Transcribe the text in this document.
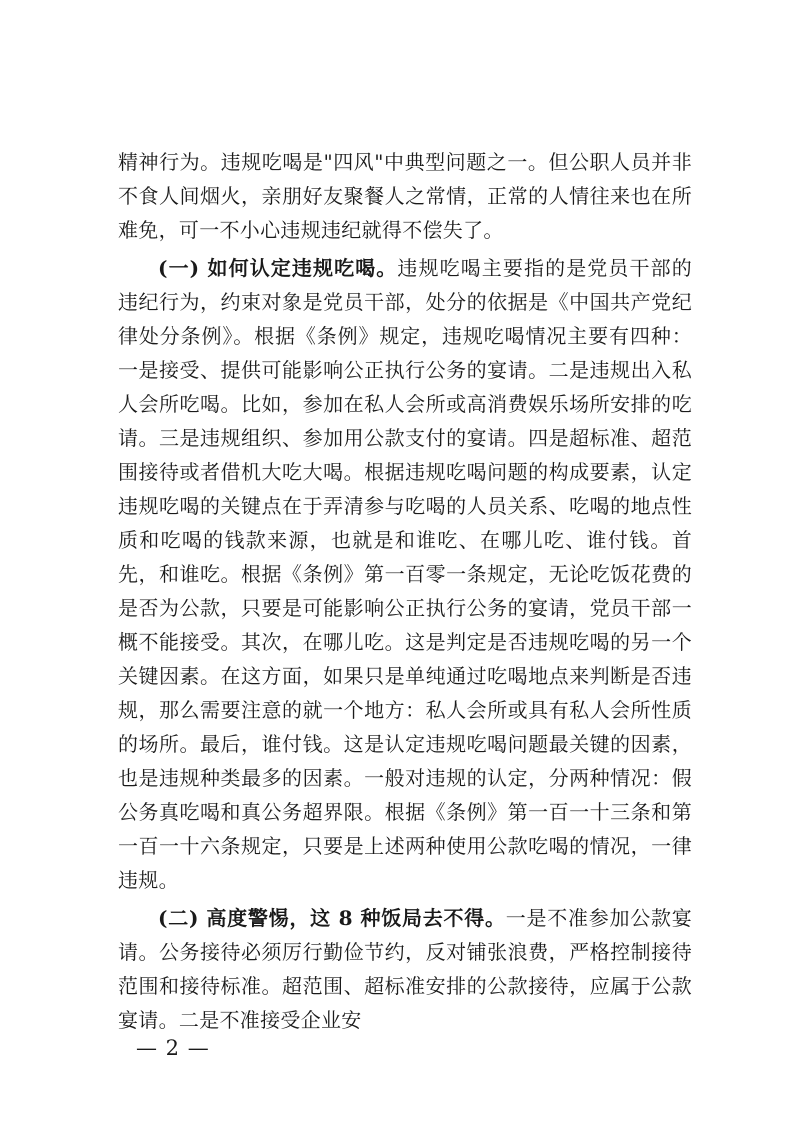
精神行为。违规吃喝是"四风"中典型问题之一。但公职人员并非不食人间烟火，亲朋好友聚餐人之常情，正常的人情往来也在所难免，可一不小心违规违纪就得不偿失了。

(一) 如何认定违规吃喝。违规吃喝主要指的是党员干部的违纪行为，约束对象是党员干部，处分的依据是《中国共产党纪律处分条例》。根据《条例》规定，违规吃喝情况主要有四种：一是接受、提供可能影响公正执行公务的宴请。二是违规出入私人会所吃喝。比如，参加在私人会所或高消费娱乐场所安排的吃请。三是违规组织、参加用公款支付的宴请。四是超标准、超范围接待或者借机大吃大喝。根据违规吃喝问题的构成要素，认定违规吃喝的关键点在于弄清参与吃喝的人员关系、吃喝的地点性质和吃喝的钱款来源，也就是和谁吃、在哪儿吃、谁付钱。首先，和谁吃。根据《条例》第一百零一条规定，无论吃饭花费的是否为公款，只要是可能影响公正执行公务的宴请，党员干部一概不能接受。其次，在哪儿吃。这是判定是否违规吃喝的另一个关键因素。在这方面，如果只是单纯通过吃喝地点来判断是否违规，那么需要注意的就一个地方：私人会所或具有私人会所性质的场所。最后，谁付钱。这是认定违规吃喝问题最关键的因素，也是违规种类最多的因素。一般对违规的认定，分两种情况：假公务真吃喝和真公务超界限。根据《条例》第一百一十三条和第一百一十六条规定，只要是上述两种使用公款吃喝的情况，一律违规。

(二) 高度警惕，这 8 种饭局去不得。一是不准参加公款宴请。公务接待必须厉行勤俭节约，反对铺张浪费，严格控制接待范围和接待标准。超范围、超标准安排的公款接待，应属于公款宴请。二是不准接受企业安

— 2 —
